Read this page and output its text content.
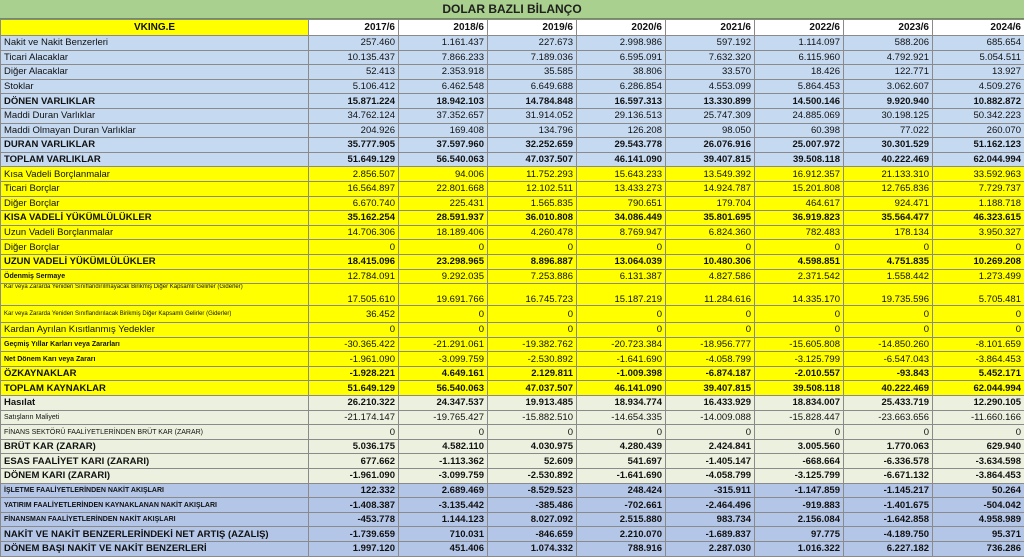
DOLAR BAZLI BİLANÇO
VKING.E	2017/6	2018/6	2019/6	2020/6	2021/6	2022/6	2023/6	2024/6
Nakit ve Nakit Benzerleri	257.460	1.161.437	227.673	2.998.986	597.192	1.114.097	588.206	685.654
Ticari Alacaklar	10.135.437	7.866.233	7.189.036	6.595.091	7.632.320	6.115.960	4.792.921	5.054.511
Diğer Alacaklar	52.413	2.353.918	35.585	38.806	33.570	18.426	122.771	13.927
Stoklar	5.106.412	6.462.548	6.649.688	6.286.854	4.553.099	5.864.453	3.062.607	4.509.276
DÖNEN VARLIKLAR	15.871.224	18.942.103	14.784.848	16.597.313	13.330.899	14.500.146	9.920.940	10.882.872
Maddi Duran Varlıklar	34.762.124	37.352.657	31.914.052	29.136.513	25.747.309	24.885.069	30.198.125	50.342.223
Maddi Olmayan Duran Varlıklar	204.926	169.408	134.796	126.208	98.050	60.398	77.022	260.070
DURAN VARLIKLAR	35.777.905	37.597.960	32.252.659	29.543.778	26.076.916	25.007.972	30.301.529	51.162.123
TOPLAM VARLIKLAR	51.649.129	56.540.063	47.037.507	46.141.090	39.407.815	39.508.118	40.222.469	62.044.994
Kısa Vadeli Borçlanmalar	2.856.507	94.006	11.752.293	15.643.233	13.549.392	16.912.357	21.133.310	33.592.963
Ticari Borçlar	16.564.897	22.801.668	12.102.511	13.433.273	14.924.787	15.201.808	12.765.836	7.729.737
Diğer Borçlar	6.670.740	225.431	1.565.835	790.651	179.704	464.617	924.471	1.188.718
KISA VADELİ YÜKÜMLÜLÜKLER	35.162.254	28.591.937	36.010.808	34.086.449	35.801.695	36.919.823	35.564.477	46.323.615
Uzun Vadeli Borçlanmalar	14.706.306	18.189.406	4.260.478	8.769.947	6.824.360	782.483	178.134	3.950.327
Diğer Borçlar	0	0	0	0	0	0	0	0
UZUN VADELİ YÜKÜMLÜLÜKLER	18.415.096	23.298.965	8.896.887	13.064.039	10.480.306	4.598.851	4.751.835	10.269.208
Ödenmiş Sermaye	12.784.091	9.292.035	7.253.886	6.131.387	4.827.586	2.371.542	1.558.442	1.273.499
Kar veya Zararda Yeniden Sınıflandırılmayacak Birikmiş Diğer Kapsamlı Gelirler (Giderler)	17.505.610	19.691.766	16.745.723	15.187.219	11.284.616	14.335.170	19.735.596	5.705.481
Kar veya Zararda Yeniden Sınıflandırılacak Birikmiş Diğer Kapsamlı Gelirler (Giderler)	36.452	0	0	0	0	0	0	0
Kardan Ayrılan Kısıtlanmış Yedekler	0	0	0	0	0	0	0	0
Geçmiş Yıllar Karları veya Zararları	-30.365.422	-21.291.061	-19.382.762	-20.723.384	-18.956.777	-15.605.808	-14.850.260	-8.101.659
Net Dönem Karı veya Zararı	-1.961.090	-3.099.759	-2.530.892	-1.641.690	-4.058.799	-3.125.799	-6.547.043	-3.864.453
ÖZKAYNAKLAR	-1.928.221	4.649.161	2.129.811	-1.009.398	-6.874.187	-2.010.557	-93.843	5.452.171
TOPLAM KAYNAKLAR	51.649.129	56.540.063	47.037.507	46.141.090	39.407.815	39.508.118	40.222.469	62.044.994
Hasılat	26.210.322	24.347.537	19.913.485	18.934.774	16.433.929	18.834.007	25.433.719	12.290.105
Satışların Maliyeti	-21.174.147	-19.765.427	-15.882.510	-14.654.335	-14.009.088	-15.828.447	-23.663.656	-11.660.166
FİNANS SEKTÖRÜ FAALİYETLERİNDEN BRÜT KAR (ZARAR)	0	0	0	0	0	0	0	0
BRÜT KAR (ZARAR)	5.036.175	4.582.110	4.030.975	4.280.439	2.424.841	3.005.560	1.770.063	629.940
ESAS FAALİYET KARI (ZARARI)	677.662	-1.113.362	52.609	541.697	-1.405.147	-668.664	-6.336.578	-3.634.598
DÖNEM KARI (ZARARI)	-1.961.090	-3.099.759	-2.530.892	-1.641.690	-4.058.799	-3.125.799	-6.671.132	-3.864.453
İŞLETME FAALİYETLERİNDEN NAKİT AKIŞLARI	122.332	2.689.469	-8.529.523	248.424	-315.911	-1.147.859	-1.145.217	50.264
YATIRIM FAALİYETLERİNDEN KAYNAKLANAN NAKİT AKIŞLARI	-1.408.387	-3.135.442	-385.486	-702.661	-2.464.496	-919.883	-1.401.675	-504.042
FİNANSMAN FAALİYETLERİNDEN NAKİT AKIŞLARI	-453.778	1.144.123	8.027.092	2.515.880	983.734	2.156.084	-1.642.858	4.958.989
NAKİT VE NAKİT BENZERLERİNDEKİ NET ARTIŞ (AZALIŞ)	-1.739.659	710.031	-846.659	2.210.070	-1.689.837	97.775	-4.189.750	95.371
DÖNEM BAŞI NAKİT VE NAKİT BENZERLERİ	1.997.120	451.406	1.074.332	788.916	2.287.030	1.016.322	6.227.182	736.286
